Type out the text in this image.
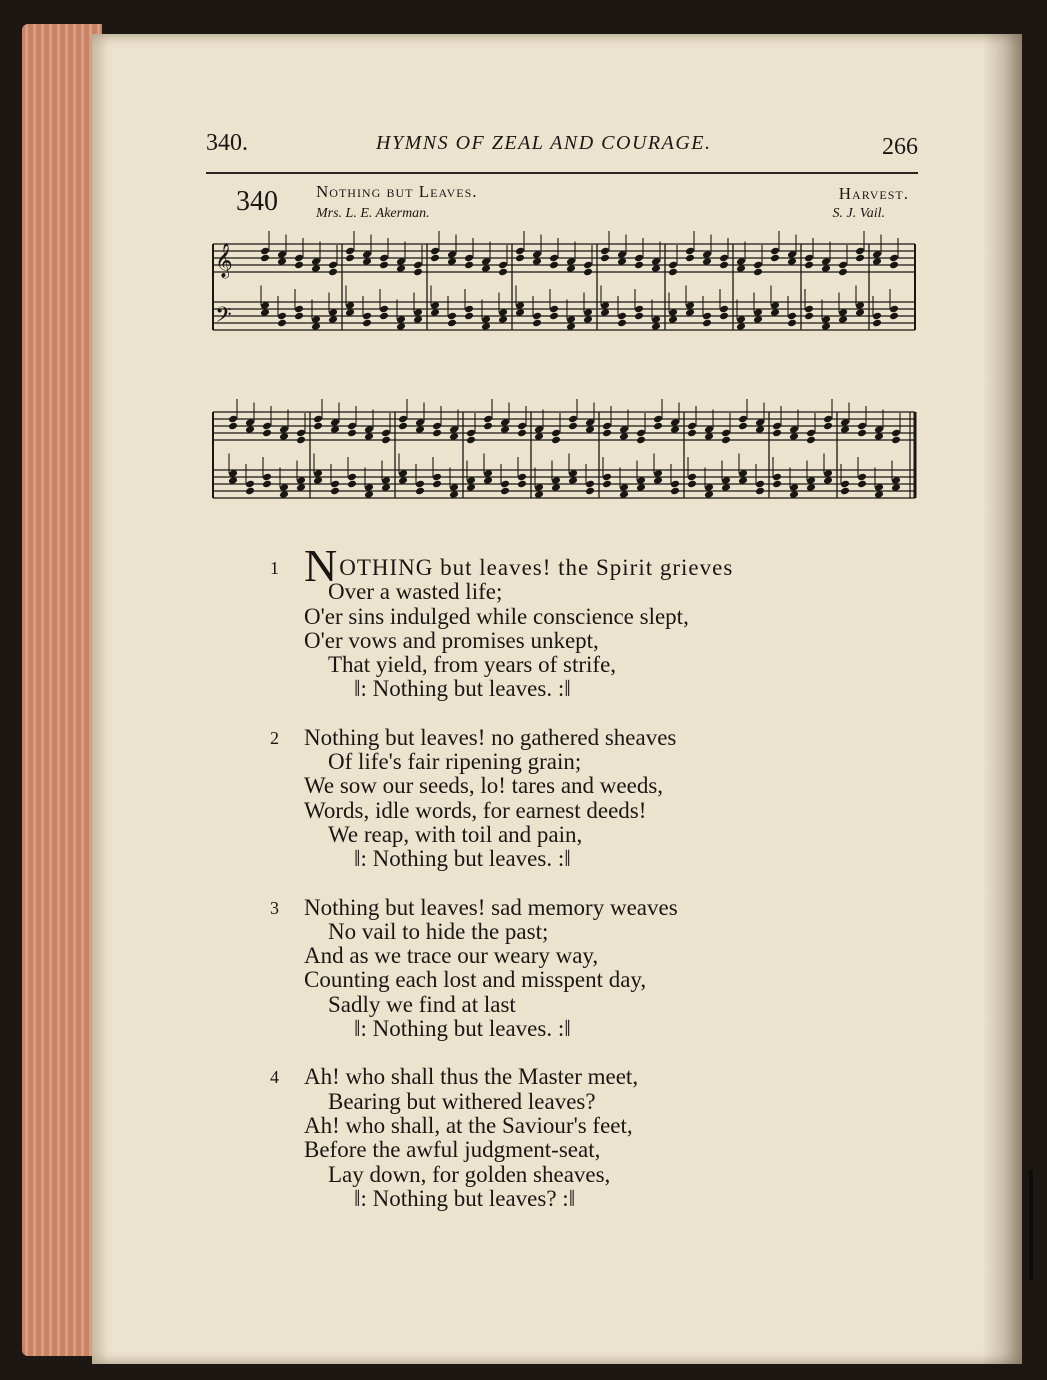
340.	HYMNS OF ZEAL AND COURAGE.	266
340 Nothing but Leaves.
Mrs. L. E. Akerman.
Harvest.
S. J. Vail.
𝄞
𝄢
1 NOTHING but leaves! the Spirit grieves
Over a wasted life;
O'er sins indulged while conscience slept,
O'er vows and promises unkept,
That yield, from years of strife,
‖: Nothing but leaves. :‖
2	Nothing but leaves! no gathered sheaves
Of life's fair ripening grain;
We sow our seeds, lo! tares and weeds,
Words, idle words, for earnest deeds!
We reap, with toil and pain,
‖: Nothing but leaves. :‖
3	Nothing but leaves! sad memory weaves
No vail to hide the past;
And as we trace our weary way,
Counting each lost and misspent day,
Sadly we find at last
‖: Nothing but leaves. :‖
4	Ah! who shall thus the Master meet,
Bearing but withered leaves?
Ah! who shall, at the Saviour's feet,
Before the awful judgment-seat,
Lay down, for golden sheaves,
‖: Nothing but leaves? :‖
